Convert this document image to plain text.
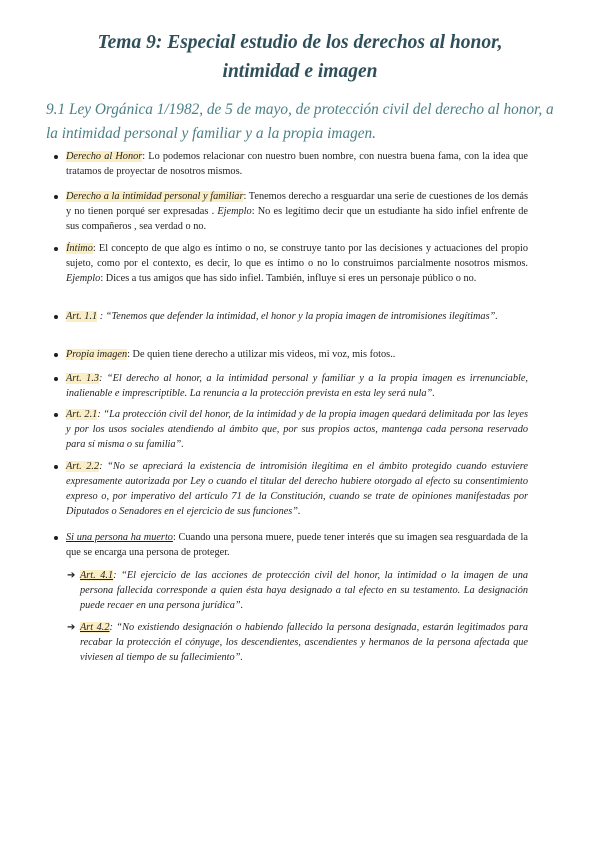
Tema 9: Especial estudio de los derechos al honor,
intimidad e imagen
9.1 Ley Orgánica 1/1982, de 5 de mayo, de protección civil del derecho al honor, a
la intimidad personal y familiar y a la propia imagen.
Derecho al Honor: Lo podemos relacionar con nuestro buen nombre, con nuestra buena fama, con la idea que tratamos de proyectar de nosotros mismos.
Derecho a la intimidad personal y familiar: Tenemos derecho a resguardar una serie de cuestiones de los demás y no tienen porqué ser expresadas . Ejemplo: No es legítimo decir que un estudiante ha sido infiel enfrente de sus compañeros , sea verdad o no.
Íntimo: El concepto de que algo es íntimo o no, se construye tanto por las decisiones y actuaciones del propio sujeto, como por el contexto, es decir, lo que es íntimo o no lo construimos parcialmente nosotros mismos. Ejemplo: Dices a tus amigos que has sido infiel. También, influye si eres un personaje público o no.
Art. 1.1 : “Tenemos que defender la intimidad, el honor y la propia imagen de intromisiones ilegítimas”.
Propia imagen: De quien tiene derecho a utilizar mis videos, mi voz, mis fotos..
Art. 1.3: “El derecho al honor, a la intimidad personal y familiar y a la propia imagen es irrenunciable, inalienable e imprescriptible. La renuncia a la protección prevista en esta ley será nula”.
Art. 2.1: “La protección civil del honor, de la intimidad y de la propia imagen quedará delimitada por las leyes y por los usos sociales atendiendo al ámbito que, por sus propios actos, mantenga cada persona reservado para sí misma o su familia”.
Art. 2.2: “No se apreciará la existencia de intromisión ilegítima en el ámbito protegido cuando estuviere expresamente autorizada por Ley o cuando el titular del derecho hubiere otorgado al efecto su consentimiento expreso o, por imperativo del artículo 71 de la Constitución, cuando se trate de opiniones manifestadas por Diputados o Senadores en el ejercicio de sus funciones”.
Si una persona ha muerto: Cuando una persona muere, puede tener interés que su imagen sea resguardada de la que se encarga una persona de proteger.
➔ Art. 4.1: “El ejercicio de las acciones de protección civil del honor, la intimidad o la imagen de una persona fallecida corresponde a quien ésta haya designado a tal efecto en su testamento. La designación puede recaer en una persona jurídica”.
➔ Art 4.2: “No existiendo designación o habiendo fallecido la persona designada, estarán legitimados para recabar la protección el cónyuge, los descendientes, ascendientes y hermanos de la persona afectada que viviesen al tiempo de su fallecimiento”.
